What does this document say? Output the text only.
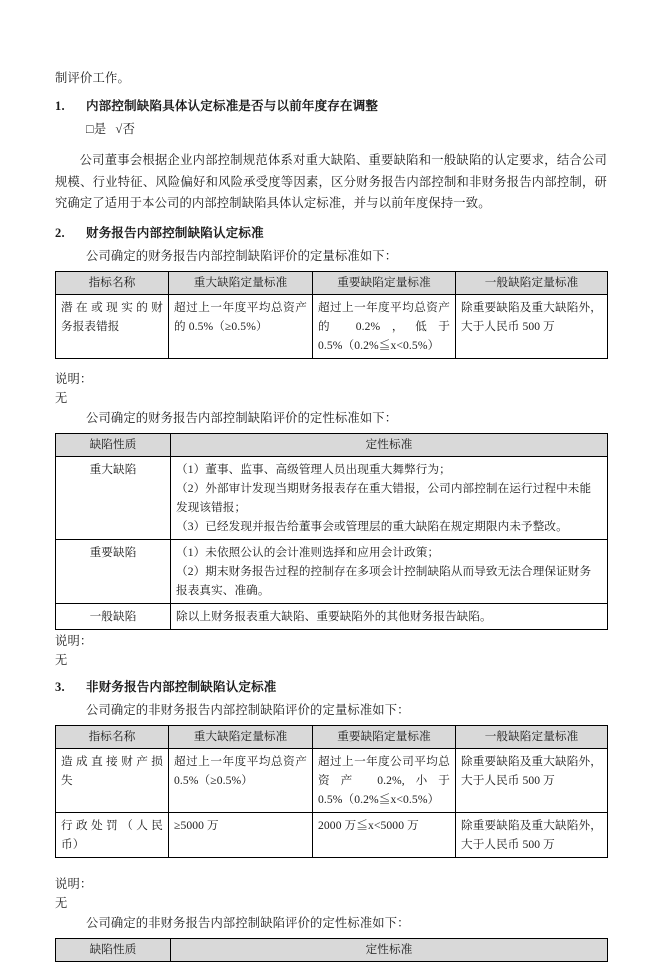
制评价工作。

1.	内部控制缺陷具体认定标准是否与以前年度存在调整

□是 √否

公司董事会根据企业内部控制规范体系对重大缺陷、重要缺陷和一般缺陷的认定要求，结合公司规模、行业特征、风险偏好和风险承受度等因素，区分财务报告内部控制和非财务报告内部控制，研究确定了适用于本公司的内部控制缺陷具体认定标准，并与以前年度保持一致。

2.	财务报告内部控制缺陷认定标准

公司确定的财务报告内部控制缺陷评价的定量标准如下：

指标名称	重大缺陷定量标准	重要缺陷定量标准	一般缺陷定量标准
潜 在 或 现 实 的 财务报表错报	超过上一年度平均总资产的 0.5%（≥0.5%）	超过上一年度平均总资产的 0.2%，低于 0.5%（0.2%≦x<0.5%）	除重要缺陷及重大缺陷外，大于人民币 500 万

说明：

无

公司确定的财务报告内部控制缺陷评价的定性标准如下：

缺陷性质	定性标准
重大缺陷	（1）董事、监事、高级管理人员出现重大舞弊行为；
（2）外部审计发现当期财务报表存在重大错报，公司内部控制在运行过程中未能发现该错报；
（3）已经发现并报告给董事会或管理层的重大缺陷在规定期限内未予整改。

重要缺陷	（1）未依照公认的会计准则选择和应用会计政策；
（2）期末财务报告过程的控制存在多项会计控制缺陷从而导致无法合理保证财务报表真实、准确。

一般缺陷	除以上财务报表重大缺陷、重要缺陷外的其他财务报告缺陷。

说明：

无

3.	非财务报告内部控制缺陷认定标准

公司确定的非财务报告内部控制缺陷评价的定量标准如下：

指标名称	重大缺陷定量标准	重要缺陷定量标准	一般缺陷定量标准
造 成 直 接 财 产 损失	超过上一年度平均总资产 0.5%（≥0.5%）	超过上一年度公司平均总资产 0.2%,小于 0.5%（0.2%≦x<0.5%）	除重要缺陷及重大缺陷外，大于人民币 500 万
行 政 处 罚 （ 人 民币）	≥5000 万	2000 万≦x<5000 万	除重要缺陷及重大缺陷外，大于人民币 500 万

说明：

无

公司确定的非财务报告内部控制缺陷评价的定性标准如下：

缺陷性质	定性标准
